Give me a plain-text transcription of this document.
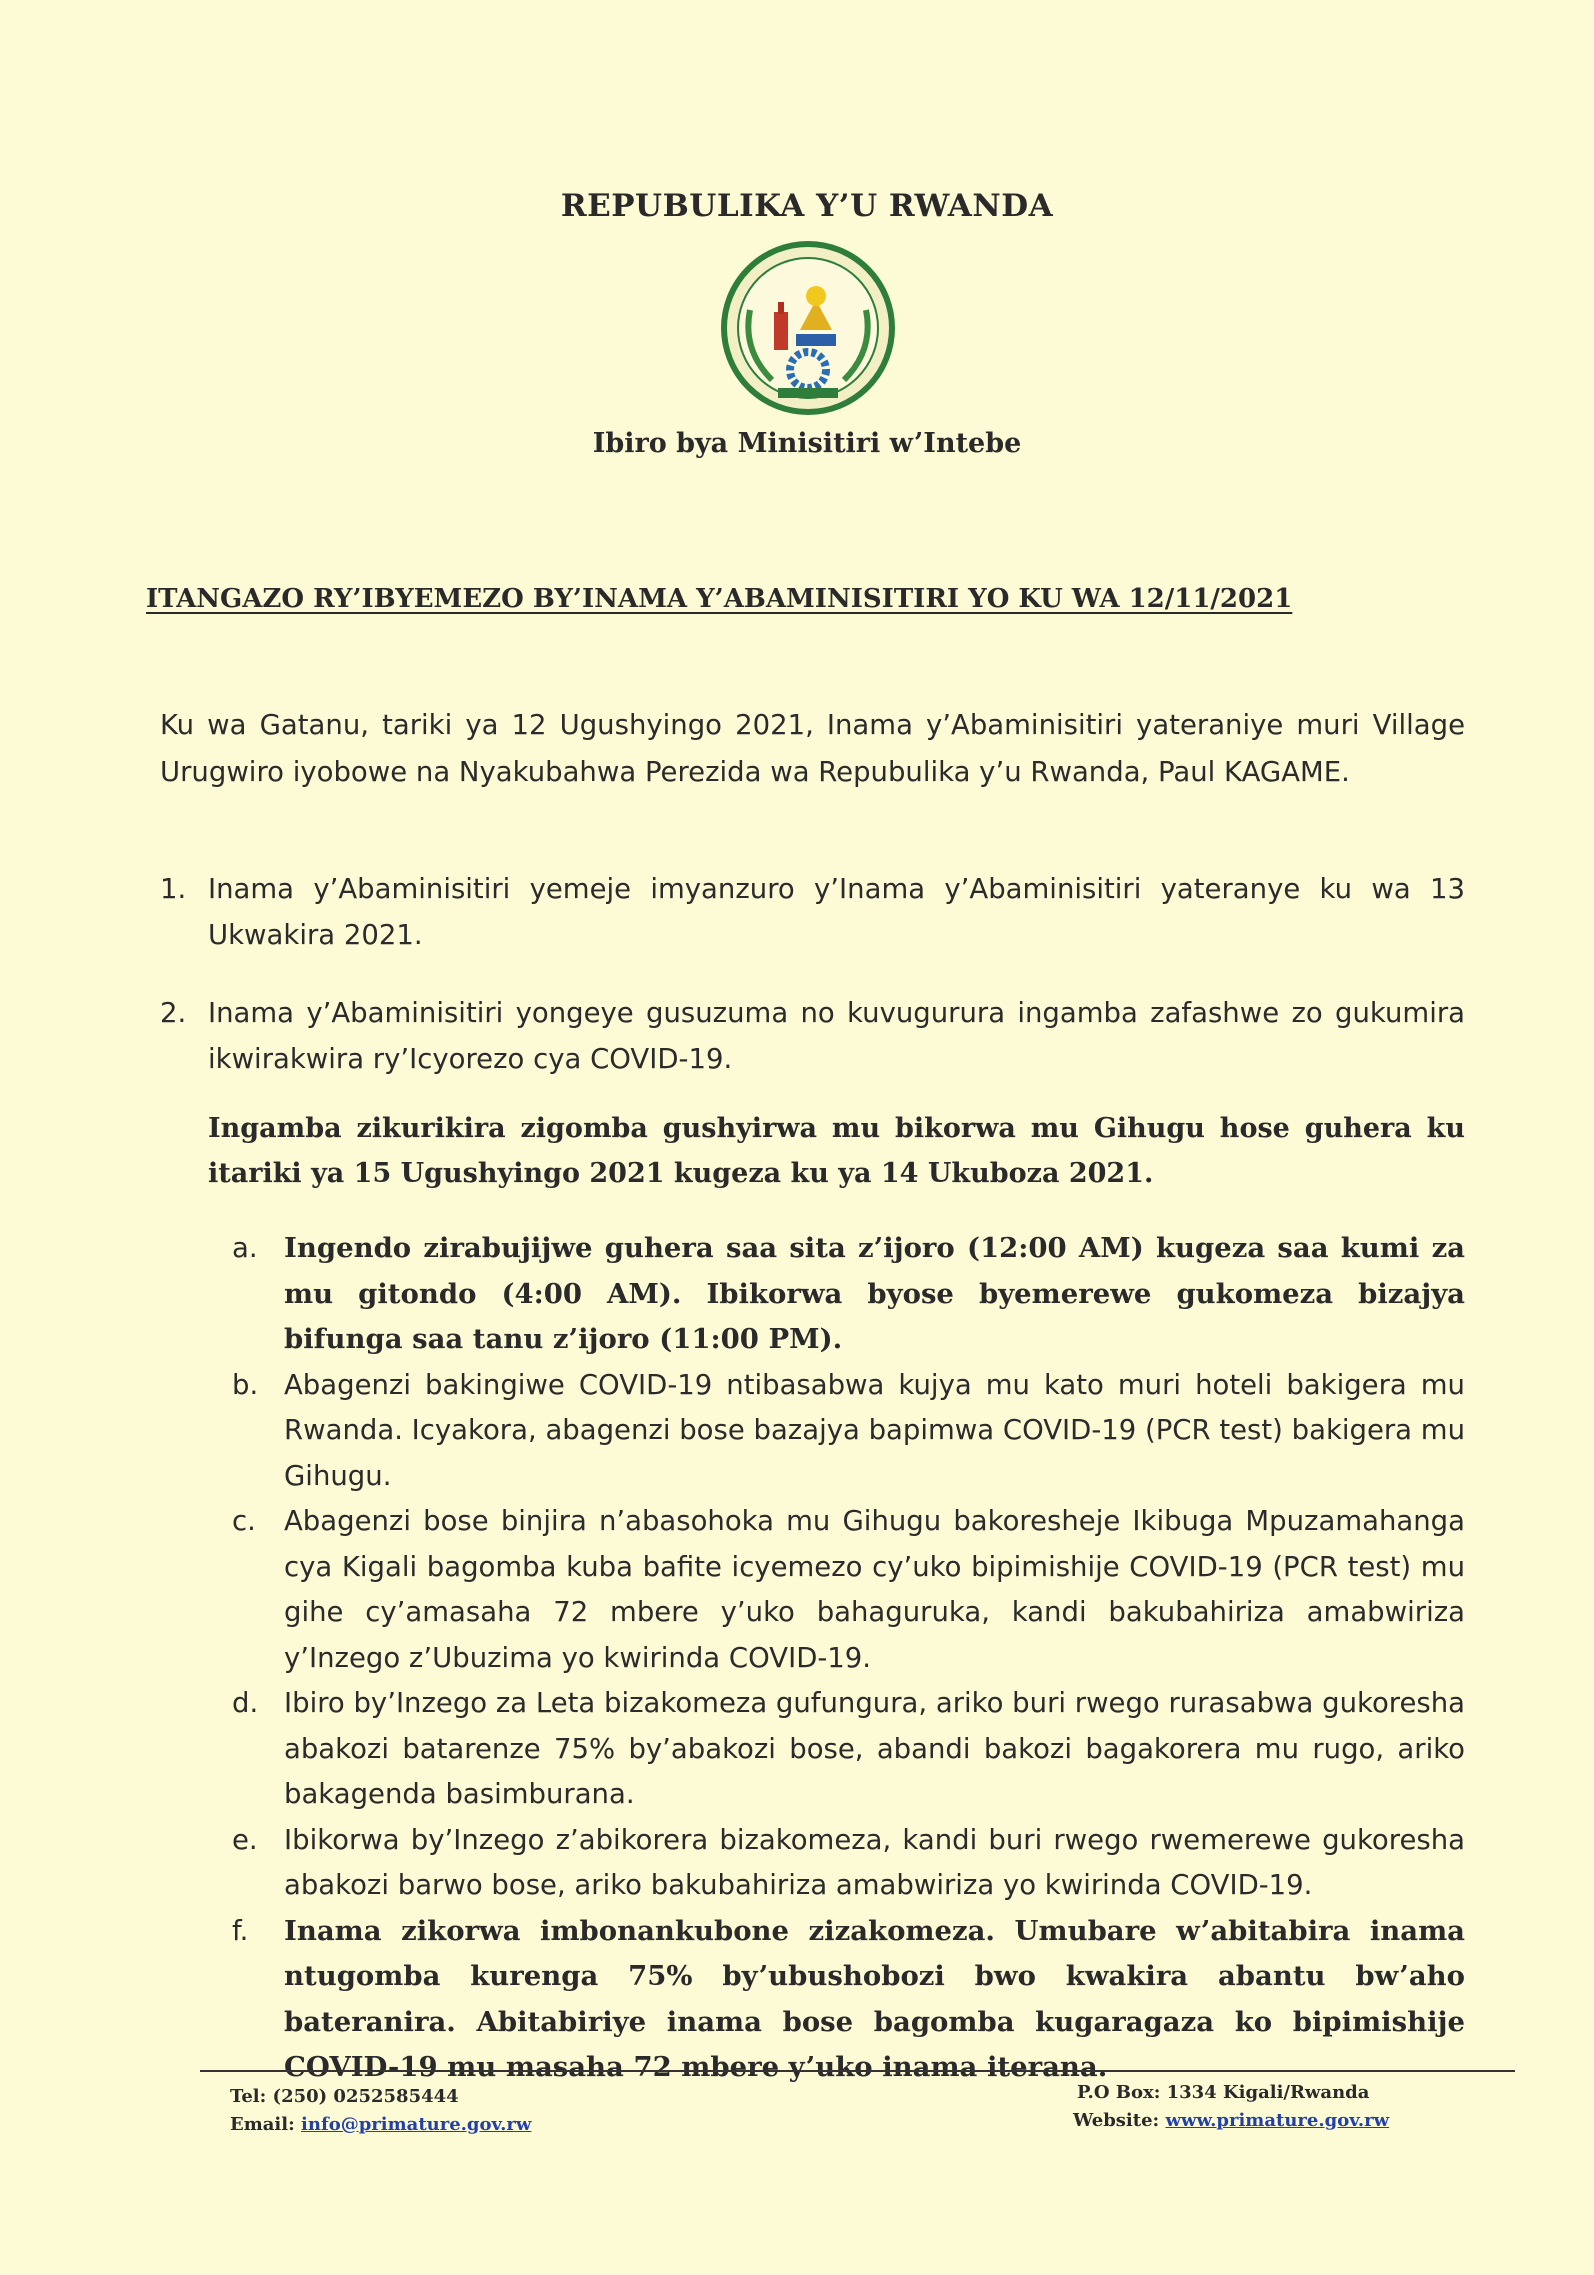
REPUBULIKA Y’U RWANDA
Ibiro bya Minisitiri w’Intebe
ITANGAZO RY’IBYEMEZO BY’INAMA Y’ABAMINISITIRI YO KU WA 12/11/2021
Ku wa Gatanu, tariki ya 12 Ugushyingo 2021, Inama y’Abaminisitiri yateraniye muri Village Urugwiro iyobowe na Nyakubahwa Perezida wa Repubulika y’u Rwanda, Paul KAGAME.
1. Inama y’Abaminisitiri yemeje imyanzuro y’Inama y’Abaminisitiri yateranye ku wa 13 Ukwakira 2021.
2. Inama y’Abaminisitiri yongeye gusuzuma no kuvugurura ingamba zafashwe zo gukumira ikwirakwira ry’Icyorezo cya COVID-19.
Ingamba zikurikira zigomba gushyirwa mu bikorwa mu Gihugu hose guhera ku itariki ya 15 Ugushyingo 2021 kugeza ku ya 14 Ukuboza 2021.
a. Ingendo zirabujijwe guhera saa sita z’ijoro (12:00 AM) kugeza saa kumi za mu gitondo (4:00 AM). Ibikorwa byose byemerewe gukomeza bizajya bifunga saa tanu z’ijoro (11:00 PM).
b. Abagenzi bakingiwe COVID-19 ntibasabwa kujya mu kato muri hoteli bakigera mu Rwanda. Icyakora, abagenzi bose bazajya bapimwa COVID-19 (PCR test) bakigera mu Gihugu.
c. Abagenzi bose binjira n’abasohoka mu Gihugu bakoresheje Ikibuga Mpuzamahanga cya Kigali bagomba kuba bafite icyemezo cy’uko bipimishije COVID-19 (PCR test) mu gihe cy’amasaha 72 mbere y’uko bahaguruka, kandi bakubahiriza amabwiriza y’Inzego z’Ubuzima yo kwirinda COVID-19.
d. Ibiro by’Inzego za Leta bizakomeza gufungura, ariko buri rwego rurasabwa gukoresha abakozi batarenze 75% by’abakozi bose, abandi bakozi bagakorera mu rugo, ariko bakagenda basimburana.
e. Ibikorwa by’Inzego z’abikorera bizakomeza, kandi buri rwego rwemerewe gukoresha abakozi barwo bose, ariko bakubahiriza amabwiriza yo kwirinda COVID-19.
f. Inama zikorwa imbonankubone zizakomeza. Umubare w’abitabira inama ntugomba kurenga 75% by’ubushobozi bwo kwakira abantu bw’aho bateranira. Abitabiriye inama bose bagomba kugaragaza ko bipimishije COVID-19 mu masaha 72 mbere y’uko inama iterana.
Tel: (250) 0252585444
Email: info@primature.gov.rw
P.O Box: 1334 Kigali/Rwanda
Website: www.primature.gov.rw
